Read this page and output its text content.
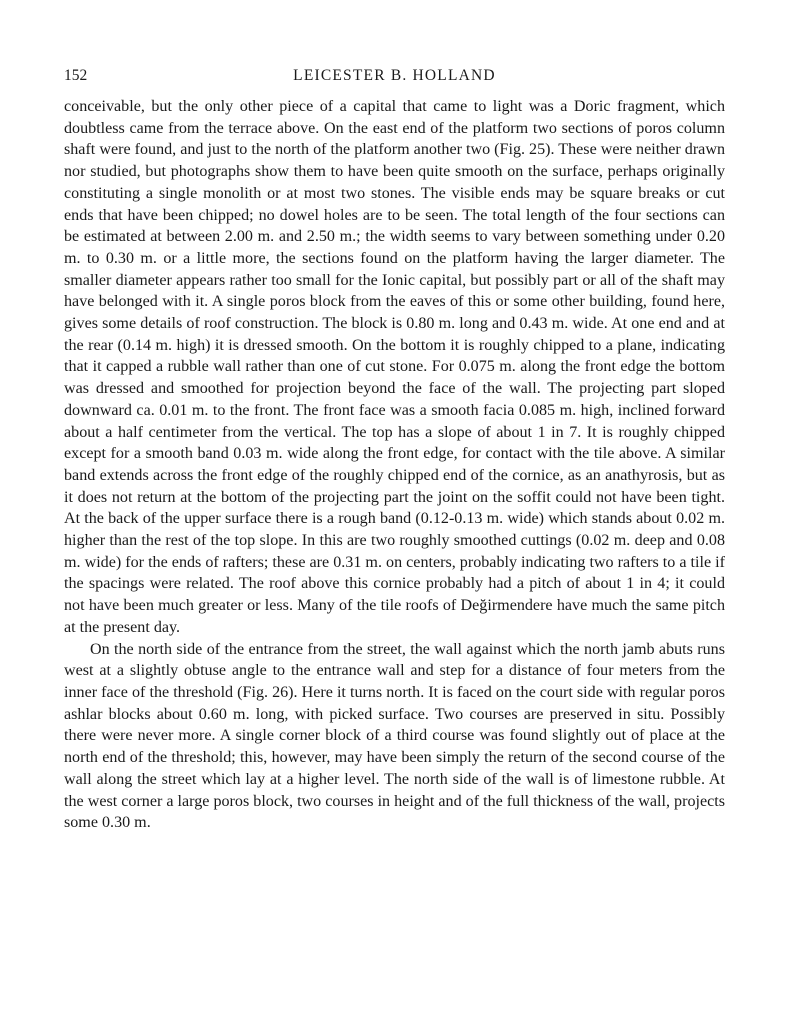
152	LEICESTER B. HOLLAND

conceivable, but the only other piece of a capital that came to light was a Doric fragment, which doubtless came from the terrace above. On the east end of the platform two sections of poros column shaft were found, and just to the north of the platform another two (Fig. 25). These were neither drawn nor studied, but photographs show them to have been quite smooth on the surface, perhaps originally constituting a single monolith or at most two stones. The visible ends may be square breaks or cut ends that have been chipped; no dowel holes are to be seen. The total length of the four sections can be estimated at between 2.00 m. and 2.50 m.; the width seems to vary between something under 0.20 m. to 0.30 m. or a little more, the sections found on the platform having the larger diameter. The smaller diameter appears rather too small for the Ionic capital, but possibly part or all of the shaft may have belonged with it. A single poros block from the eaves of this or some other building, found here, gives some details of roof construction. The block is 0.80 m. long and 0.43 m. wide. At one end and at the rear (0.14 m. high) it is dressed smooth. On the bottom it is roughly chipped to a plane, indicating that it capped a rubble wall rather than one of cut stone. For 0.075 m. along the front edge the bottom was dressed and smoothed for projection beyond the face of the wall. The projecting part sloped downward ca. 0.01 m. to the front. The front face was a smooth facia 0.085 m. high, inclined forward about a half centimeter from the vertical. The top has a slope of about 1 in 7. It is roughly chipped except for a smooth band 0.03 m. wide along the front edge, for contact with the tile above. A similar band extends across the front edge of the roughly chipped end of the cornice, as an anathyrosis, but as it does not return at the bottom of the projecting part the joint on the soffit could not have been tight. At the back of the upper surface there is a rough band (0.12-0.13 m. wide) which stands about 0.02 m. higher than the rest of the top slope. In this are two roughly smoothed cuttings (0.02 m. deep and 0.08 m. wide) for the ends of rafters; these are 0.31 m. on centers, probably indicating two rafters to a tile if the spacings were related. The roof above this cornice probably had a pitch of about 1 in 4; it could not have been much greater or less. Many of the tile roofs of Değirmendere have much the same pitch at the present day.

On the north side of the entrance from the street, the wall against which the north jamb abuts runs west at a slightly obtuse angle to the entrance wall and step for a distance of four meters from the inner face of the threshold (Fig. 26). Here it turns north. It is faced on the court side with regular poros ashlar blocks about 0.60 m. long, with picked surface. Two courses are preserved in situ. Possibly there were never more. A single corner block of a third course was found slightly out of place at the north end of the threshold; this, however, may have been simply the return of the second course of the wall along the street which lay at a higher level. The north side of the wall is of limestone rubble. At the west corner a large poros block, two courses in height and of the full thickness of the wall, projects some 0.30 m.
